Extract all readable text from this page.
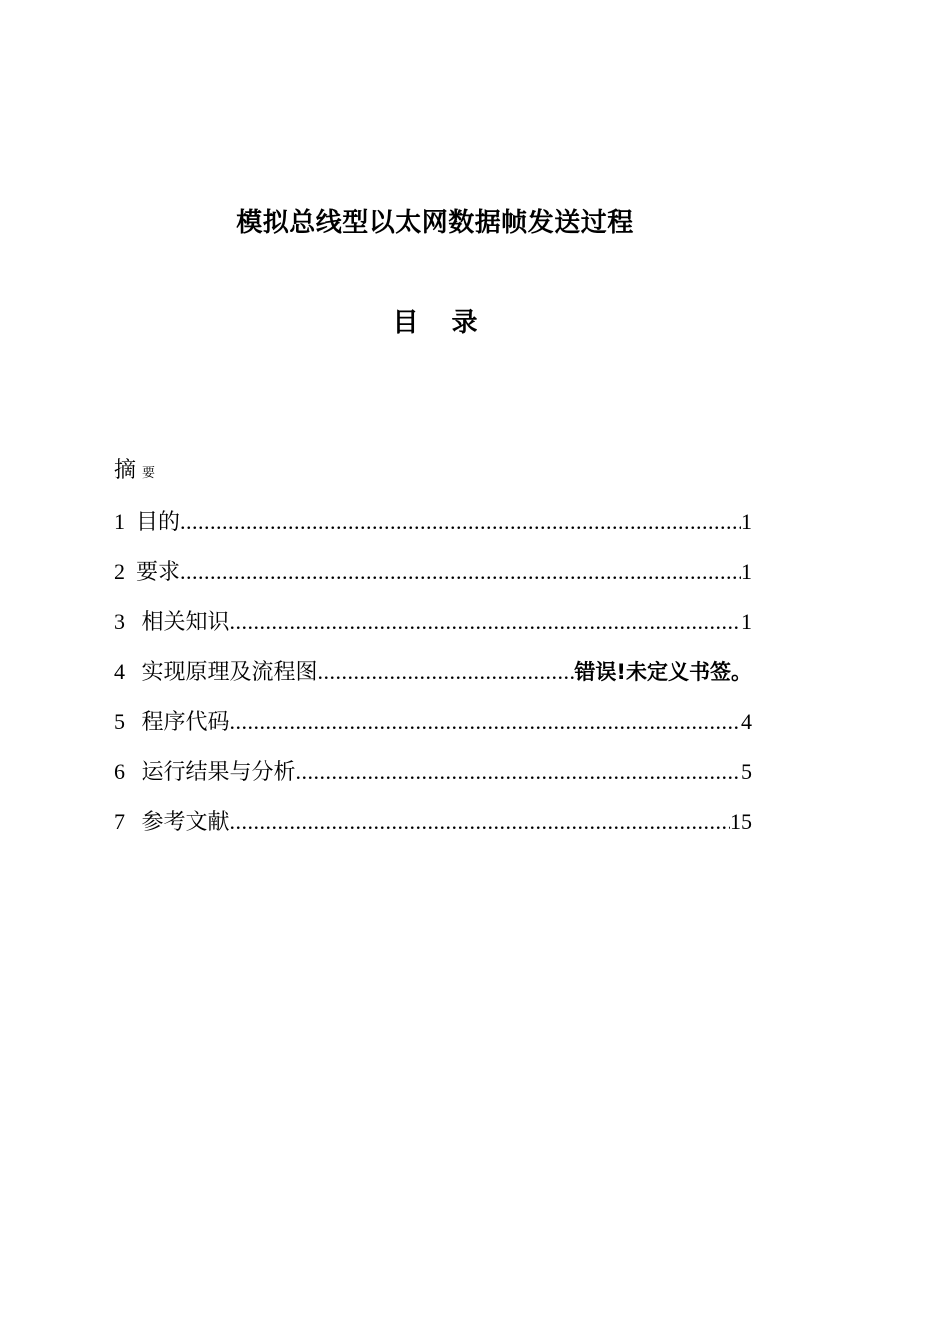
模拟总线型以太网数据帧发送过程
目 录
摘要
1 目的 .....	1
2 要求 .....	1
3 相关知识 .....	1
4 实现原理及流程图 .....	错误!未定义书签。
5 程序代码 .....	4
6 运行结果与分析 .....	5
7 参考文献 .....	15
